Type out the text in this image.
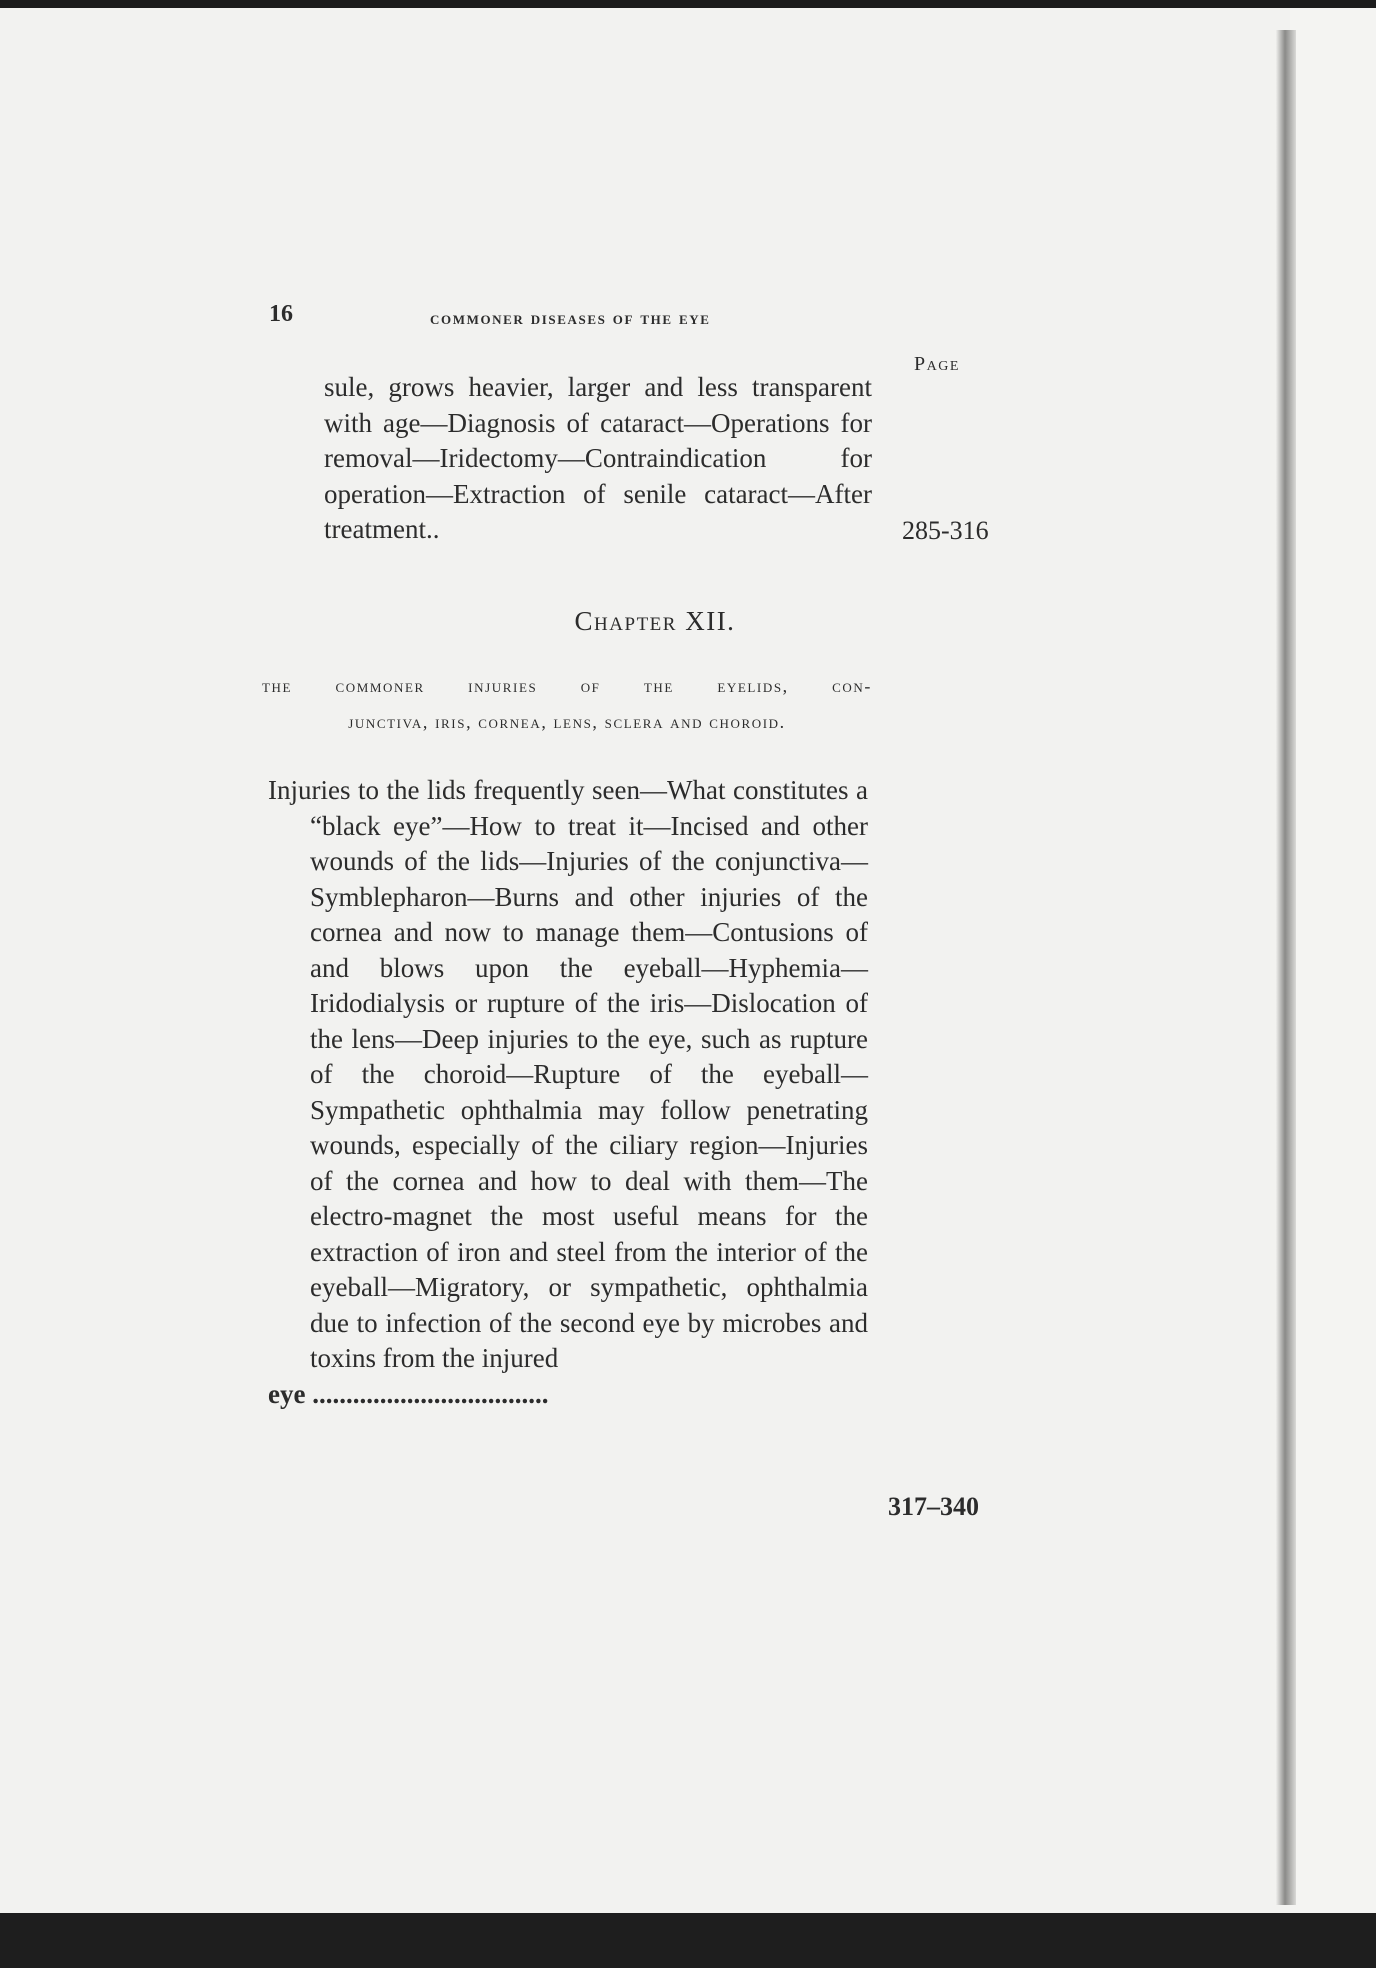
16	commoner diseases of the eye
Page

sule, grows heavier, larger and less transparent with age—Diagnosis of cataract—Operations for removal—Iridectomy—Contraindication for operation—Extraction of senile cataract—After treatment..	285-316
Chapter XII.
the commoner injuries of the eyelids, con-
junctiva, iris, cornea, lens, sclera and choroid.

Injuries to the lids frequently seen—What constitutes a “black eye”—How to treat it—Incised and other wounds of the lids—Injuries of the conjunctiva—Symblepharon—Burns and other injuries of the cornea and now to manage them—Contusions of and blows upon the eyeball—Hyphemia—Iridodialysis or rupture of the iris—Dislocation of the lens—Deep injuries to the eye, such as rupture of the choroid—Rupture of the eyeball—Sympathetic ophthalmia may follow penetrating wounds, especially of the ciliary region—Injuries of the cornea and how to deal with them—The electro-magnet the most useful means for the extraction of iron and steel from the interior of the eyeball—Migratory, or sympathetic, ophthalmia due to infection of the second eye by microbes and toxins from the injured

eye ...................................

317–340
